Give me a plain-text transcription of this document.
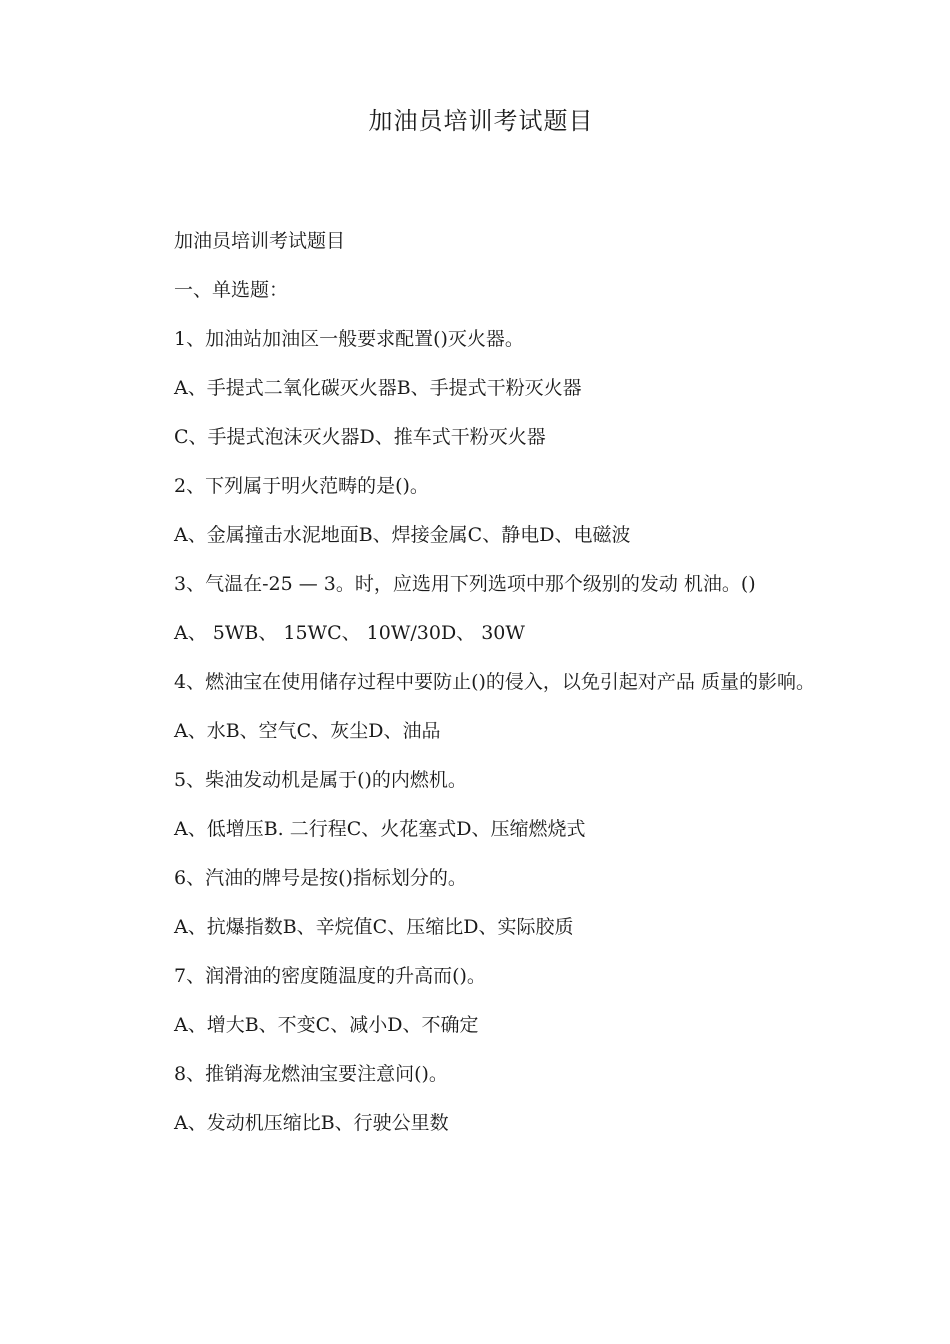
加油员培训考试题目

加油员培训考试题目

一、单选题：

1、加油站加油区一般要求配置()灭火器。

A、手提式二氧化碳灭火器B、手提式干粉灭火器

C、手提式泡沫灭火器D、推车式干粉灭火器

2、下列属于明火范畴的是()。

A、金属撞击水泥地面B、焊接金属C、静电D、电磁波

3、气温在-25 — 3。时，应选用下列选项中那个级别的发动 机油。()

A、 5WB、 15WC、 10W/30D、 30W

4、燃油宝在使用储存过程中要防止()的侵入，以免引起对产品 质量的影响。

A、水B、空气C、灰尘D、油品

5、柴油发动机是属于()的内燃机。

A、低增压B. 二行程C、火花塞式D、压缩燃烧式

6、汽油的牌号是按()指标划分的。

A、抗爆指数B、辛烷值C、压缩比D、实际胶质

7、润滑油的密度随温度的升高而()。

A、增大B、不变C、减小D、不确定

8、推销海龙燃油宝要注意问()。

A、发动机压缩比B、行驶公里数
